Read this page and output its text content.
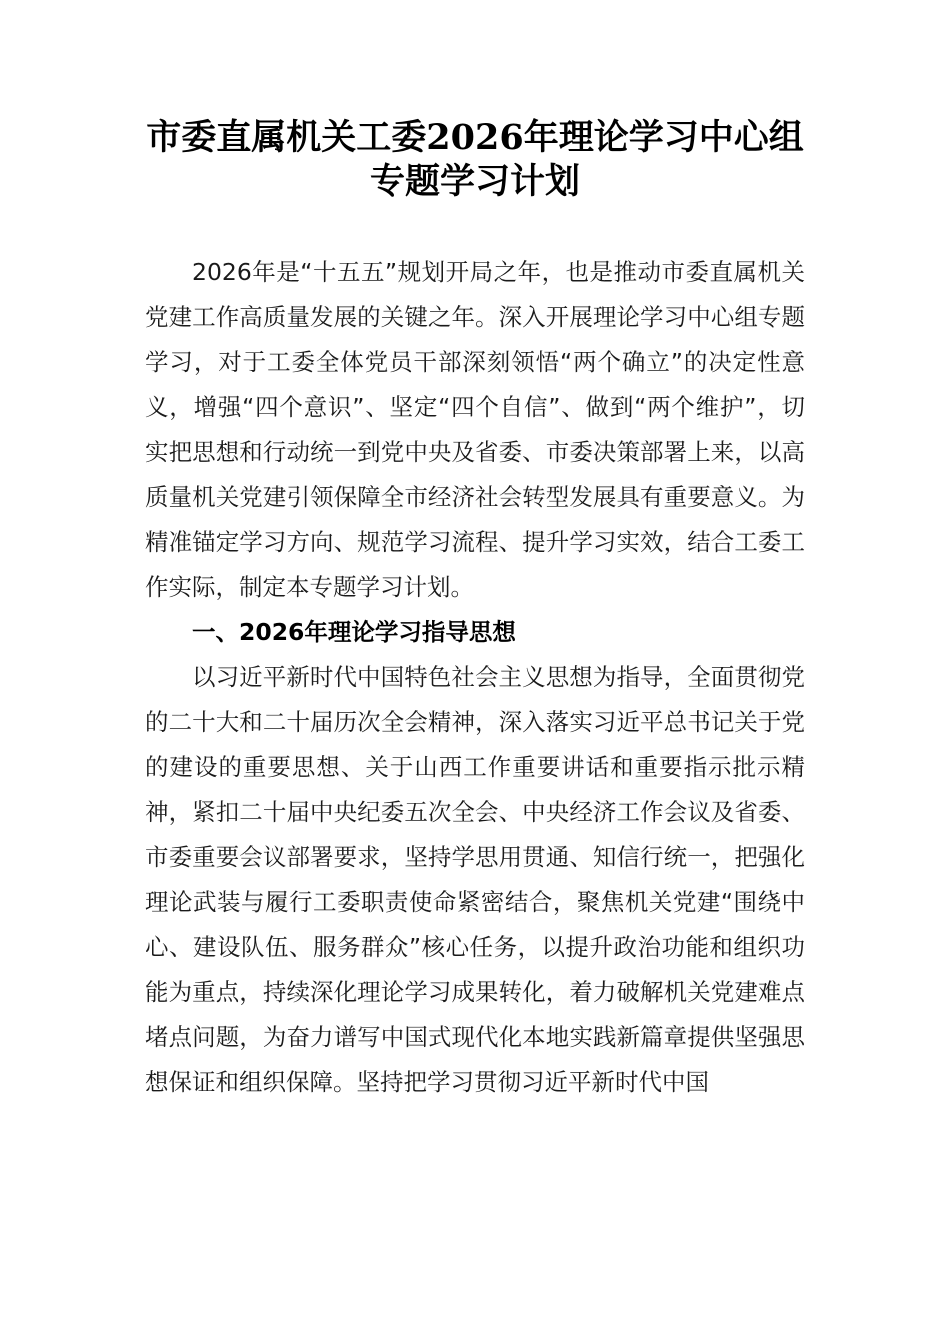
市委直属机关工委2026年理论学习中心组
专题学习计划

2026年是“十五五”规划开局之年，也是推动市委直属机关党建工作高质量发展的关键之年。深入开展理论学习中心组专题学习，对于工委全体党员干部深刻领悟“两个确立”的决定性意义，增强“四个意识”、坚定“四个自信”、做到“两个维护”，切实把思想和行动统一到党中央及省委、市委决策部署上来，以高质量机关党建引领保障全市经济社会转型发展具有重要意义。为精准锚定学习方向、规范学习流程、提升学习实效，结合工委工作实际，制定本专题学习计划。

一、2026年理论学习指导思想

以习近平新时代中国特色社会主义思想为指导，全面贯彻党的二十大和二十届历次全会精神，深入落实习近平总书记关于党的建设的重要思想、关于山西工作重要讲话和重要指示批示精神，紧扣二十届中央纪委五次全会、中央经济工作会议及省委、市委重要会议部署要求，坚持学思用贯通、知信行统一，把强化理论武装与履行工委职责使命紧密结合，聚焦机关党建“围绕中心、建设队伍、服务群众”核心任务，以提升政治功能和组织功能为重点，持续深化理论学习成果转化，着力破解机关党建难点堵点问题，为奋力谱写中国式现代化本地实践新篇章提供坚强思想保证和组织保障。坚持把学习贯彻习近平新时代中国
